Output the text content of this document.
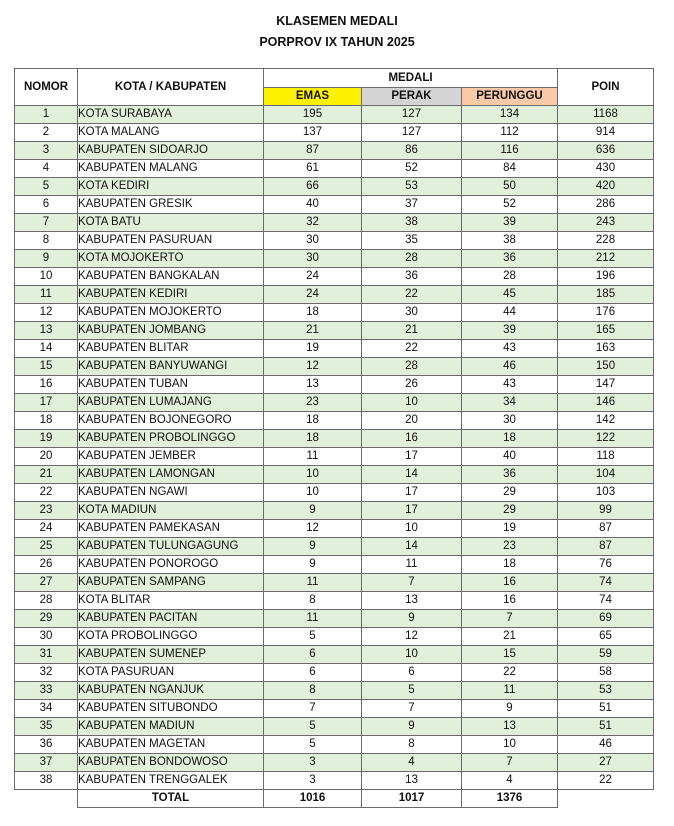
KLASEMEN MEDALI
PORPROV IX TAHUN 2025
NOMOR	KOTA / KABUPATEN	MEDALI			POIN
		EMAS	PERAK	PERUNGGU	
1	KOTA SURABAYA	195	127	134	1168
2	KOTA MALANG	137	127	112	914
3	KABUPATEN SIDOARJO	87	86	116	636
4	KABUPATEN MALANG	61	52	84	430
5	KOTA KEDIRI	66	53	50	420
6	KABUPATEN GRESIK	40	37	52	286
7	KOTA BATU	32	38	39	243
8	KABUPATEN PASURUAN	30	35	38	228
9	KOTA MOJOKERTO	30	28	36	212
10	KABUPATEN BANGKALAN	24	36	28	196
11	KABUPATEN KEDIRI	24	22	45	185
12	KABUPATEN MOJOKERTO	18	30	44	176
13	KABUPATEN JOMBANG	21	21	39	165
14	KABUPATEN BLITAR	19	22	43	163
15	KABUPATEN BANYUWANGI	12	28	46	150
16	KABUPATEN TUBAN	13	26	43	147
17	KABUPATEN LUMAJANG	23	10	34	146
18	KABUPATEN BOJONEGORO	18	20	30	142
19	KABUPATEN PROBOLINGGO	18	16	18	122
20	KABUPATEN JEMBER	11	17	40	118
21	KABUPATEN LAMONGAN	10	14	36	104
22	KABUPATEN NGAWI	10	17	29	103
23	KOTA MADIUN	9	17	29	99
24	KABUPATEN PAMEKASAN	12	10	19	87
25	KABUPATEN TULUNGAGUNG	9	14	23	87
26	KABUPATEN PONOROGO	9	11	18	76
27	KABUPATEN SAMPANG	11	7	16	74
28	KOTA BLITAR	8	13	16	74
29	KABUPATEN PACITAN	11	9	7	69
30	KOTA PROBOLINGGO	5	12	21	65
31	KABUPATEN SUMENEP	6	10	15	59
32	KOTA PASURUAN	6	6	22	58
33	KABUPATEN NGANJUK	8	5	11	53
34	KABUPATEN SITUBONDO	7	7	9	51
35	KABUPATEN MADIUN	5	9	13	51
36	KABUPATEN MAGETAN	5	8	10	46
37	KABUPATEN BONDOWOSO	3	4	7	27
38	KABUPATEN TRENGGALEK	3	13	4	22
	TOTAL	1016	1017	1376	
